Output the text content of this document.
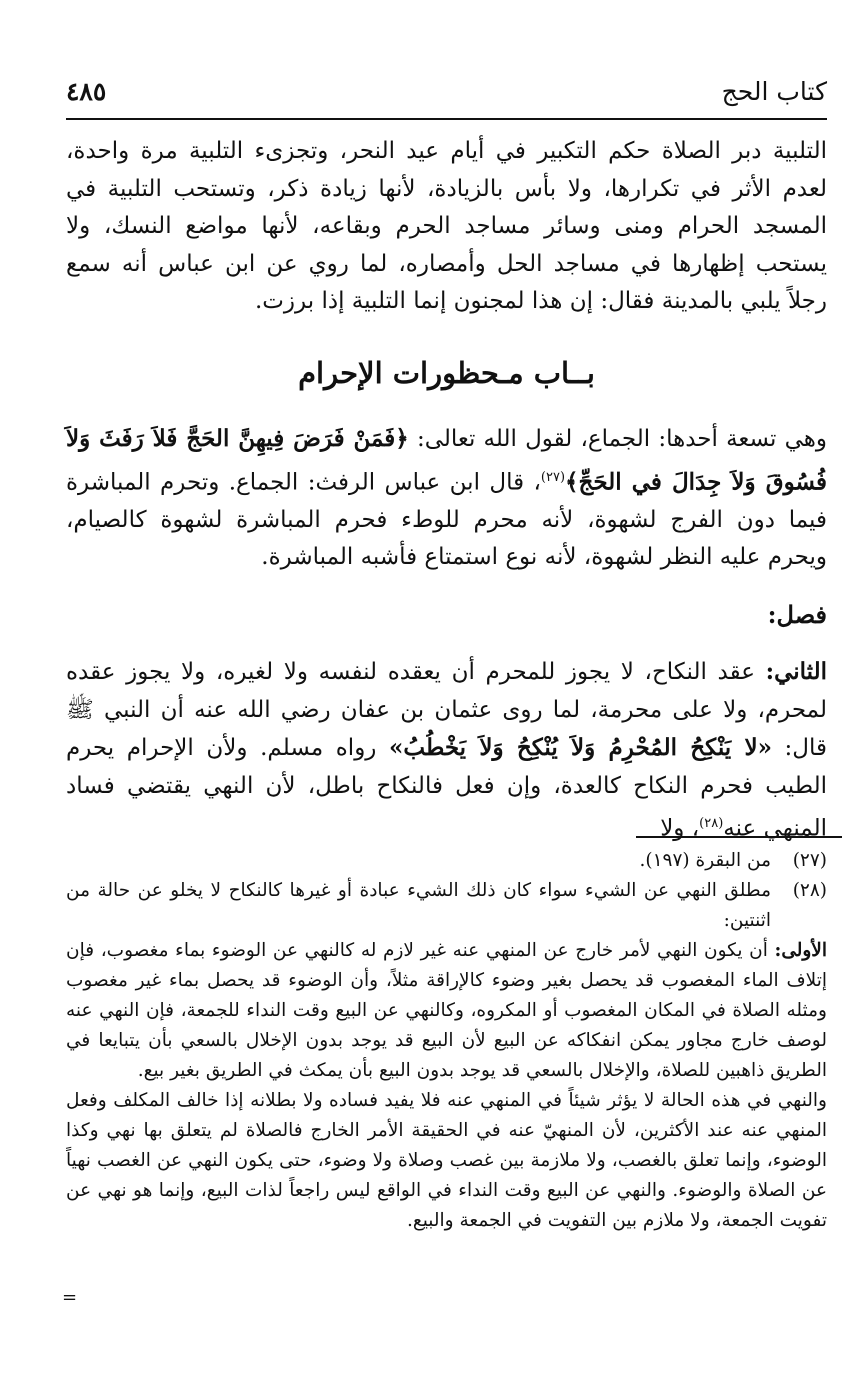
٤٨٥	كتاب الحج

التلبية دبر الصلاة حكم التكبير في أيام عيد النحر، وتجزىء التلبية مرة واحدة، لعدم الأثر في تكرارها، ولا بأس بالزيادة، لأنها زيادة ذكر، وتستحب التلبية في المسجد الحرام ومنى وسائر مساجد الحرم وبقاعه، لأنها مواضع النسك، ولا يستحب إظهارها في مساجد الحل وأمصاره، لما روي عن ابن عباس أنه سمع رجلاً يلبي بالمدينة فقال: إن هذا لمجنون إنما التلبية إذا برزت.

بــاب مـحظورات الإحرام

وهي تسعة أحدها: الجماع، لقول الله تعالى: ﴿فَمَنْ فَرَضَ فِيهِنَّ الحَجَّ فَلاَ رَفَثَ وَلاَ فُسُوقَ وَلاَ جِدَالَ في الحَجِّ﴾$^{(٢٧)}$، قال ابن عباس الرفث: الجماع. وتحرم المباشرة فيما دون الفرج لشهوة، لأنه محرم للوطء فحرم المباشرة لشهوة كالصيام، ويحرم عليه النظر لشهوة، لأنه نوع استمتاع فأشبه المباشرة.

فصل:

الثاني: عقد النكاح، لا يجوز للمحرم أن يعقده لنفسه ولا لغيره، ولا يجوز عقده لمحرم، ولا على محرمة، لما روى عثمان بن عفان رضي الله عنه أن النبي ﷺ قال: «لا يَنْكِحُ المُحْرِمُ وَلاَ يُنْكِحُ وَلاَ يَخْطُبُ» رواه مسلم. ولأن الإحرام يحرم الطيب فحرم النكاح كالعدة، وإن فعل فالنكاح باطل، لأن النهي يقتضي فساد المنهي عنه$^{(٢٨)}$، ولا

(٢٧)
من البقرة (١٩٧).
(٢٨)

مطلق النهي عن الشيء سواء كان ذلك الشيء عبادة أو غيرها كالنكاح لا يخلو عن حالة من اثنتين:

الأولى: أن يكون النهي لأمر خارج عن المنهي عنه غير لازم له كالنهي عن الوضوء بماء مغصوب، فإن إتلاف الماء المغصوب قد يحصل بغير وضوء كالإراقة مثلاً، وأن الوضوء قد يحصل بماء غير مغصوب ومثله الصلاة في المكان المغصوب أو المكروه، وكالنهي عن البيع وقت النداء للجمعة، فإن النهي عنه لوصف خارج مجاور يمكن انفكاكه عن البيع لأن البيع قد يوجد بدون الإخلال بالسعي بأن يتبايعا في الطريق ذاهبين للصلاة، والإخلال بالسعي قد يوجد بدون البيع بأن يمكث في الطريق بغير بيع.

والنهي في هذه الحالة لا يؤثر شيئاً في المنهي عنه فلا يفيد فساده ولا بطلانه إذا خالف المكلف وفعل المنهي عنه عند الأكثرين، لأن المنهيّ عنه في الحقيقة الأمر الخارج فالصلاة لم يتعلق بها نهي وكذا الوضوء، وإنما تعلق بالغصب، ولا ملازمة بين غصب وصلاة ولا وضوء، حتى يكون النهي عن الغصب نهياً عن الصلاة والوضوء. والنهي عن البيع وقت النداء في الواقع ليس راجعاً لذات البيع، وإنما هو نهي عن تفويت الجمعة، ولا ملازم بين التفويت في الجمعة والبيع.

=
